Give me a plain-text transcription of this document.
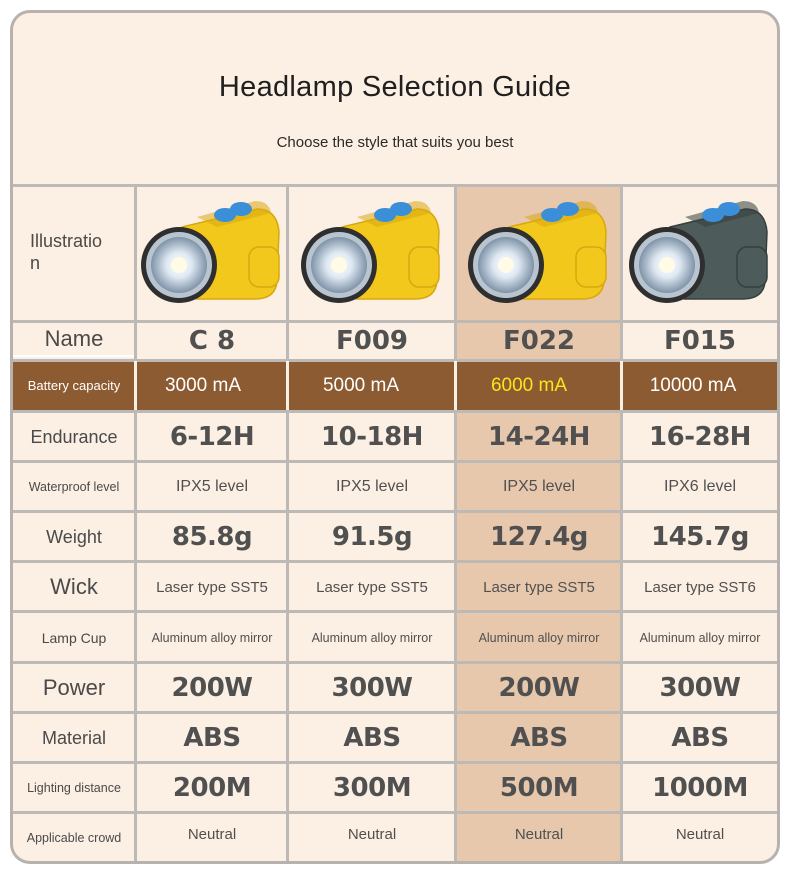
Headlamp Selection Guide
Choose the style that suits you best
Illustratio n
Name	C 8	F009	F022	F015
Battery capacity	3000 mA	5000 mA	6000 mA	10000 mA
Endurance	6-12H	10-18H	14-24H	16-28H
Waterproof level	IPX5 level	IPX5 level	IPX5 level	IPX6 level
Weight	85.8g	91.5g	127.4g	145.7g
Wick	Laser type SST5	Laser type SST5	Laser type SST5	Laser type SST6
Lamp Cup	Aluminum alloy mirror	Aluminum alloy mirror	Aluminum alloy mirror	Aluminum alloy mirror
Power	200W	300W	200W	300W
Material	ABS	ABS	ABS	ABS
Lighting distance	200M	300M	500M	1000M
Applicable crowd	Neutral	Neutral	Neutral	Neutral
